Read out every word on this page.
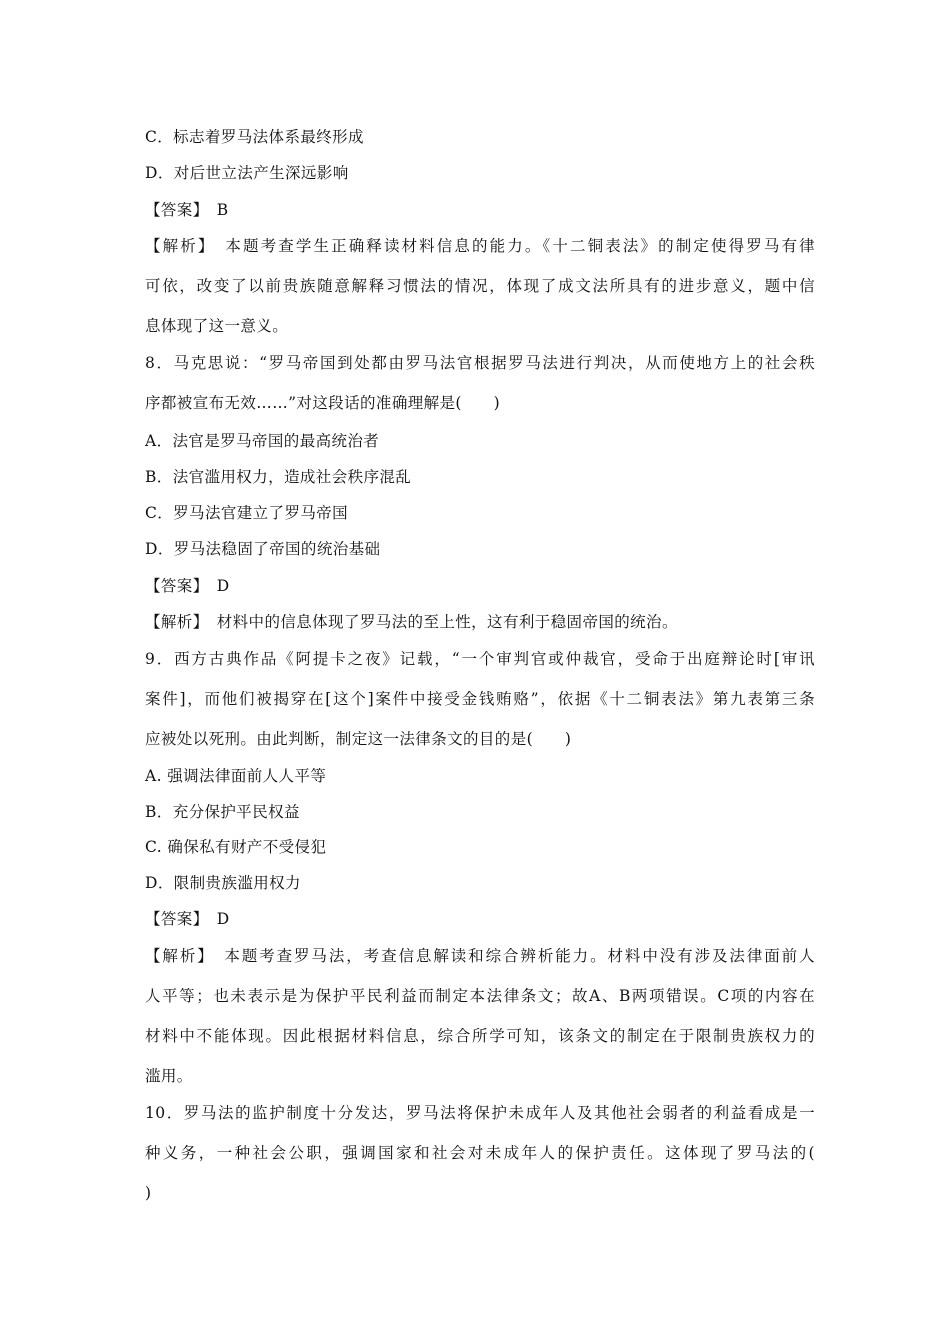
C．标志着罗马法体系最终形成
D．对后世立法产生深远影响
【答案】　B
【解析】　本题考查学生正确释读材料信息的能力。《十二铜表法》的制定使得罗马有律
可依，改变了以前贵族随意解释习惯法的情况，体现了成文法所具有的进步意义，题中信
息体现了这一意义。
8．马克思说：“罗马帝国到处都由罗马法官根据罗马法进行判决，从而使地方上的社会秩
序都被宣布无效……”对这段话的准确理解是(　　)
A．法官是罗马帝国的最高统治者
B．法官滥用权力，造成社会秩序混乱
C．罗马法官建立了罗马帝国
D．罗马法稳固了帝国的统治基础
【答案】　D
【解析】　材料中的信息体现了罗马法的至上性，这有利于稳固帝国的统治。
9．西方古典作品《阿提卡之夜》记载，“一个审判官或仲裁官，受命于出庭辩论时[审讯
案件]，而他们被揭穿在[这个]案件中接受金钱贿赂”，依据《十二铜表法》第九表第三条
应被处以死刑。由此判断，制定这一法律条文的目的是(　　)
A. 强调法律面前人人平等
B．充分保护平民权益
C. 确保私有财产不受侵犯
D．限制贵族滥用权力
【答案】　D
【解析】　本题考查罗马法，考查信息解读和综合辨析能力。材料中没有涉及法律面前人
人平等；也未表示是为保护平民利益而制定本法律条文；故A、B两项错误。C项的内容在
材料中不能体现。因此根据材料信息，综合所学可知，该条文的制定在于限制贵族权力的
滥用。
10．罗马法的监护制度十分发达，罗马法将保护未成年人及其他社会弱者的利益看成是一
种义务，一种社会公职，强调国家和社会对未成年人的保护责任。这体现了罗马法的(
)
